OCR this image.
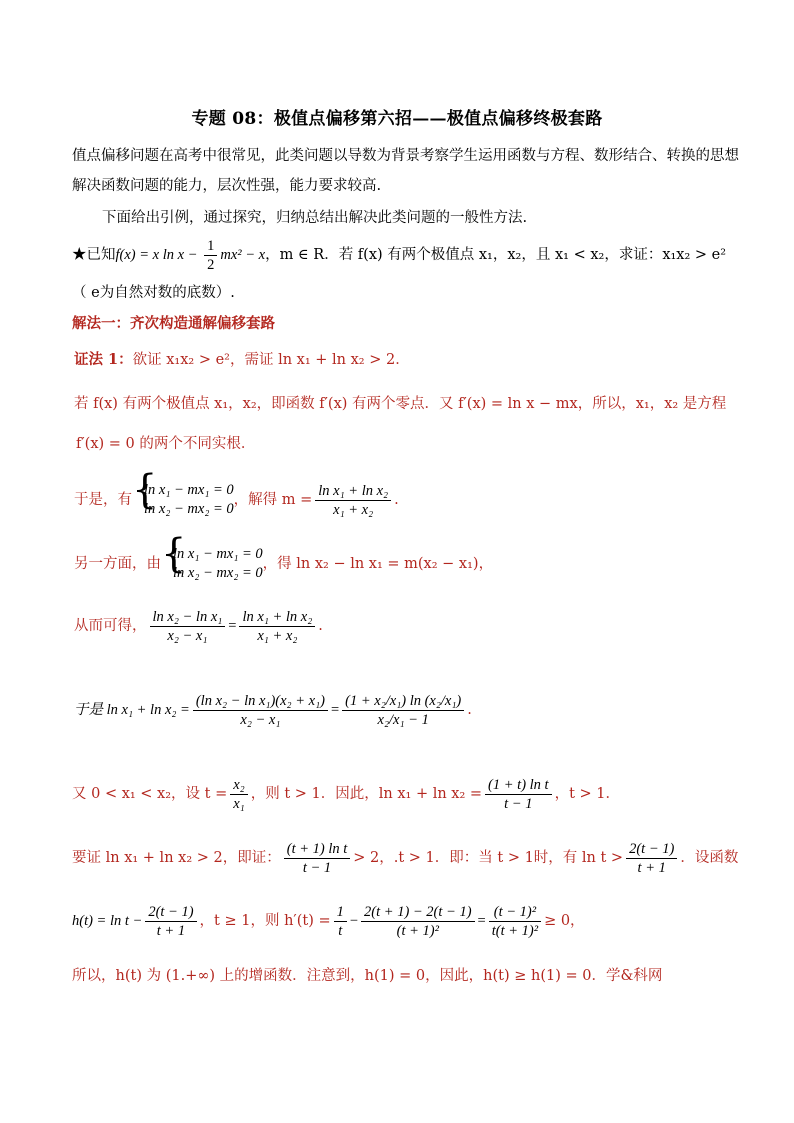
专题 08：极值点偏移第六招——极值点偏移终极套路
值点偏移问题在高考中很常见，此类问题以导数为背景考察学生运用函数与方程、数形结合、转换的思想
解决函数问题的能力，层次性强，能力要求较高.
下面给出引例，通过探究，归纳总结出解决此类问题的一般性方法.
★已知f(x) = x $\ln x - \frac{1}{2} mx^2 - x$，m ∈ R．若 f(x) 有两个极值点 x₁，x₂，且 x₁ < x₂，求证：x₁x₂ > e²
（ e为自然对数的底数）.
解法一：齐次构造通解偏移套路
证法 1：欲证 x₁x₂ > e²，需证 ln x₁ + ln x₂ > 2．
若 f(x) 有两个极值点 x₁，x₂，即函数 f′(x) 有两个零点．又 f′(x) = ln x − mx，所以，x₁，x₂ 是方程
f′(x) = 0 的两个不同实根．
于是，有 {
ln x₁ − mx₁ = 0
ln x₂ − mx₂ = 0
，解得 $m = \frac{\text{ln x₁ + ln x₂}}{\text{x₁ + x₂}}$ .
另一方面，由 {
ln x₁ − mx₁ = 0
ln x₂ − mx₂ = 0
，得 ln x₂ − ln x₁ = m(x₂ − x₁)，
从而可得， $\frac{\text{ln x₂ − ln x₁}}{\text{x₂ − x₁}} = \frac{\text{ln x₁ + ln x₂}}{\text{x₁ + x₂}}$ .
于是 $\ln x_1 + \ln x_2 = \frac{\text{(ln x₂ − ln x₁)(x₂ + x₁)}}{\text{x₂ − x₁}} = \frac{\text{(1 + x₂/x₁) ln (x₂/x₁)}}{\text{x₂/x₁ − 1}}$ .
又 0 < x₁ < x₂，设 $t = \frac{\text{x₂}}{\text{x₁}}$ ，则 t > 1．因此，$\ln x_1 + \ln x_2 = \frac{\text{(1 + t) ln t}}{t - 1}$ ，t > 1．
要证 ln x₁ + ln x₂ > 2，即证： $\frac{\text{(t + 1) ln t}}{t - 1} > 2$，.t > 1．即：当 t > 1时，有 $\ln t > \frac{2(t - 1)}{t + 1}$ ．设函数
$h(t) = \ln t - \frac{2(t - 1)}{t + 1}$ ，t ≥ 1，则 $h'(t) = \frac{1}{t} - \frac{2(t + 1) - 2(t - 1)}{\text{(t + 1)²}} = \frac{\text{(t − 1)²}}{\text{t(t + 1)²}} \ge 0$，
所以，h(t) 为 (1.+∞) 上的增函数．注意到，h(1) = 0，因此，h(t) ≥ h(1) = 0．学&科网
